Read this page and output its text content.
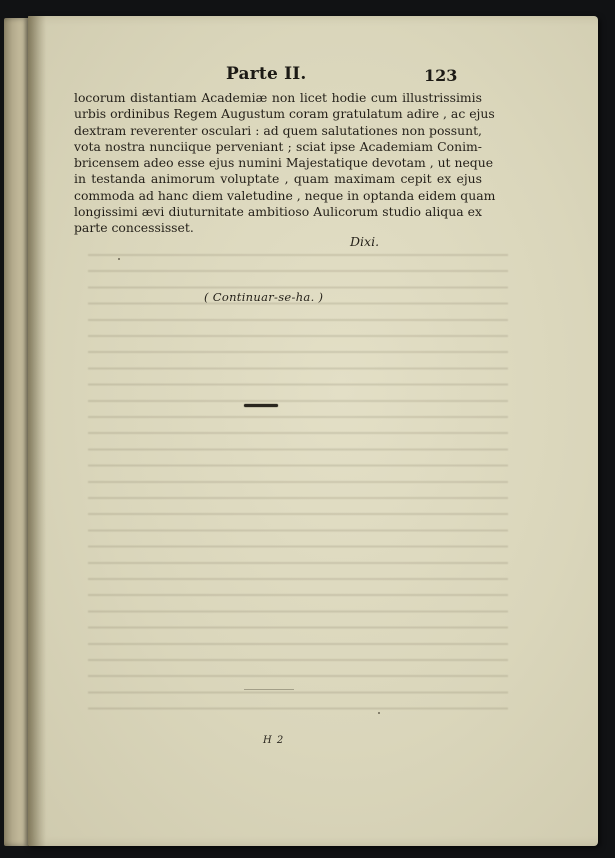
Parte II.	123
locorum distantiam Academiæ non licet hodie cum illustrissimis
urbis ordinibus Regem Augustum coram gratulatum adire , ac ejus
dextram reverenter osculari : ad quem salutationes non possunt,
vota nostra nunciique perveniant ; sciat ipse Academiam Conim-
bricensem adeo esse ejus numini Majestatique devotam , ut neque
in testanda animorum voluptate , quam maximam cepit ex ejus
commoda ad hanc diem valetudine , neque in optanda eidem quam
longissimi ævi diuturnitate ambitioso Aulicorum studio aliqua ex
parte concessisset.
Dixi.
( Continuar-se-ha. )
H 2
